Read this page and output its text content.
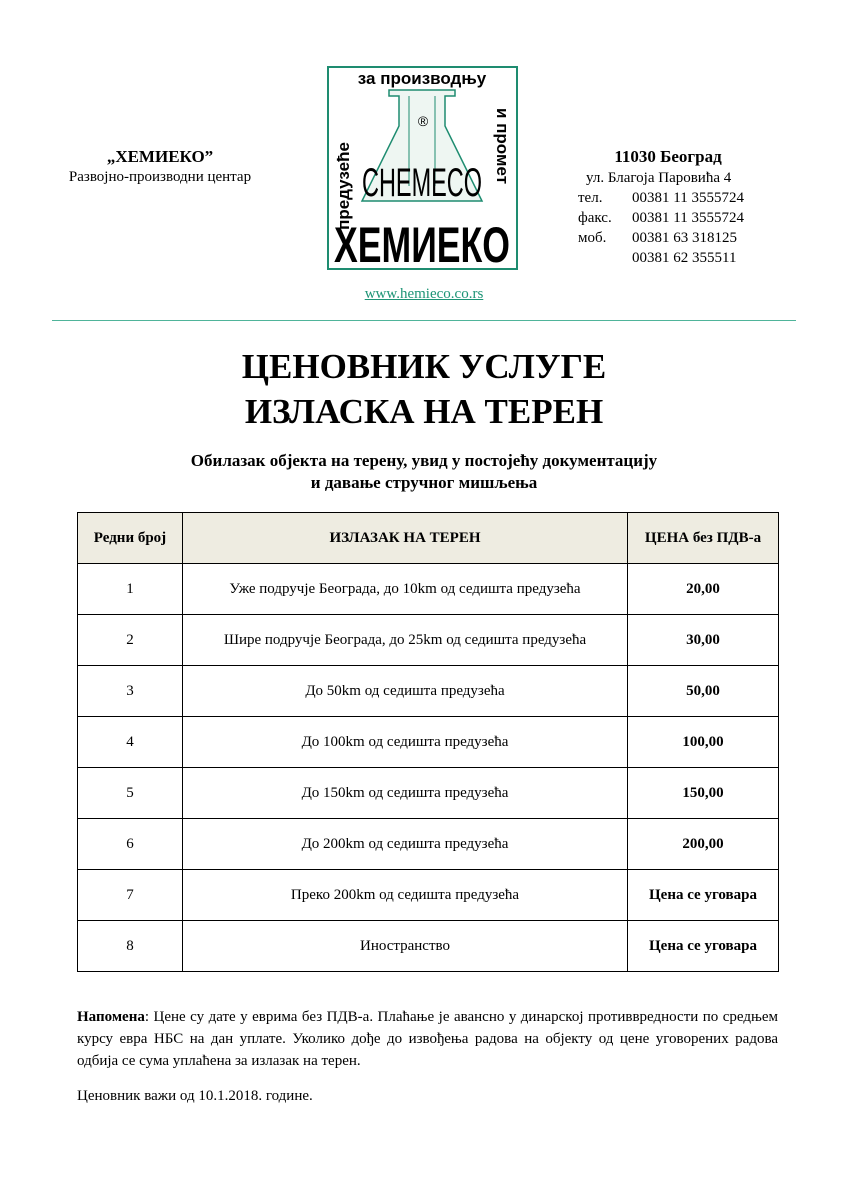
„ХЕМИЕКО”
Развојно-производни центар
за производњу
предузеће	и промет
®
CHEMECO
ХЕМИЕКО
www.hemieco.co.rs
11030 Београд
ул. Благоја Паровића 4
тел.	00381 11 3555724
факс.	00381 11 3555724
моб.	00381 63 318125
00381 62 355511
ЦЕНОВНИК УСЛУГЕ
ИЗЛАСКА НА ТЕРЕН
Обилазак објекта на терену, увид у постојећу документацију
и давање стручног мишљења
Редни број	ИЗЛАЗАК НА ТЕРЕН	ЦЕНА без ПДВ-а
1	Уже подручје Београда, до 10km од седишта предузећа	20,00
2	Шире подручје Београда, до 25km од седишта предузећа	30,00
3	До 50km од седишта предузећа	50,00
4	До 100km од седишта предузећа	100,00
5	До 150km од седишта предузећа	150,00
6	До 200km од седишта предузећа	200,00
7	Преко 200km од седишта предузећа	Цена се уговара
8	Иностранство	Цена се уговара
Напомена: Цене су дате у еврима без ПДВ-а. Плаћање је авансно у динарској противвредности по средњем курсу евра НБС на дан уплате. Уколико дође до извођења радова на објекту од цене уговорених радова одбија се сума уплаћена за излазак на терен.
Ценовник важи од 10.1.2018. године.
